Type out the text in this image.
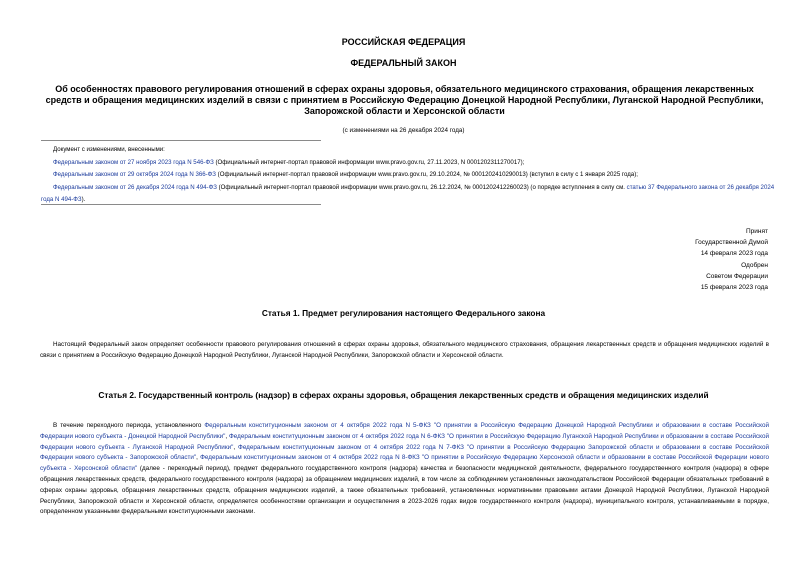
РОССИЙСКАЯ ФЕДЕРАЦИЯ
ФЕДЕРАЛЬНЫЙ ЗАКОН
Об особенностях правового регулирования отношений в сферах охраны здоровья, обязательного медицинского страхования, обращения лекарственных средств и обращения медицинских изделий в связи с принятием в Российскую Федерацию Донецкой Народной Республики, Луганской Народной Республики, Запорожской области и Херсонской области
(с изменениями на 26 декабря 2024 года)
Документ с изменениями, внесенными:
Федеральным законом от 27 ноября 2023 года N 546-ФЗ (Официальный интернет-портал правовой информации www.pravo.gov.ru, 27.11.2023, N 0001202311270017);
Федеральным законом от 29 октября 2024 года N 366-ФЗ (Официальный интернет-портал правовой информации www.pravo.gov.ru, 29.10.2024, № 0001202410290013) (вступил в силу с 1 января 2025 года);
Федеральным законом от 26 декабря 2024 года N 494-ФЗ (Официальный интернет-портал правовой информации www.pravo.gov.ru, 26.12.2024, № 0001202412260023) (о порядке вступления в силу см. статью 37 Федерального закона от 26 декабря 2024 года N 494-ФЗ).
Принят
Государственной Думой
14 февраля 2023 года
Одобрен
Советом Федерации
15 февраля 2023 года
Статья 1. Предмет регулирования настоящего Федерального закона
Настоящий Федеральный закон определяет особенности правового регулирования отношений в сферах охраны здоровья, обязательного медицинского страхования, обращения лекарственных средств и обращения медицинских изделий в связи с принятием в Российскую Федерацию Донецкой Народной Республики, Луганской Народной Республики, Запорожской области и Херсонской области.
Статья 2. Государственный контроль (надзор) в сферах охраны здоровья, обращения лекарственных средств и обращения медицинских изделий
В течение переходного периода, установленного Федеральным конституционным законом от 4 октября 2022 года N 5-ФКЗ "О принятии в Российскую Федерацию Донецкой Народной Республики и образовании в составе Российской Федерации нового субъекта - Донецкой Народной Республики", Федеральным конституционным законом от 4 октября 2022 года N 6-ФКЗ "О принятии в Российскую Федерацию Луганской Народной Республики и образовании в составе Российской Федерации нового субъекта - Луганской Народной Республики", Федеральным конституционным законом от 4 октября 2022 года N 7-ФКЗ "О принятии в Российскую Федерацию Запорожской области и образовании в составе Российской Федерации нового субъекта - Запорожской области", Федеральным конституционным законом от 4 октября 2022 года N 8-ФКЗ "О принятии в Российскую Федерацию Херсонской области и образовании в составе Российской Федерации нового субъекта - Херсонской области" (далее - переходный период), предмет федерального государственного контроля (надзора) качества и безопасности медицинской деятельности, федерального государственного контроля (надзора) в сфере обращения лекарственных средств, федерального государственного контроля (надзора) за обращением медицинских изделий, в том числе за соблюдением установленных законодательством Российской Федерации обязательных требований в сферах охраны здоровья, обращения лекарственных средств, обращения медицинских изделий, а также обязательных требований, установленных нормативными правовыми актами Донецкой Народной Республики, Луганской Народной Республики, Запорожской области и Херсонской области, определяется особенностями организации и осуществления в 2023-2026 годах видов государственного контроля (надзора), муниципального контроля, устанавливаемыми в порядке, определенном указанными федеральными конституционными законами.
